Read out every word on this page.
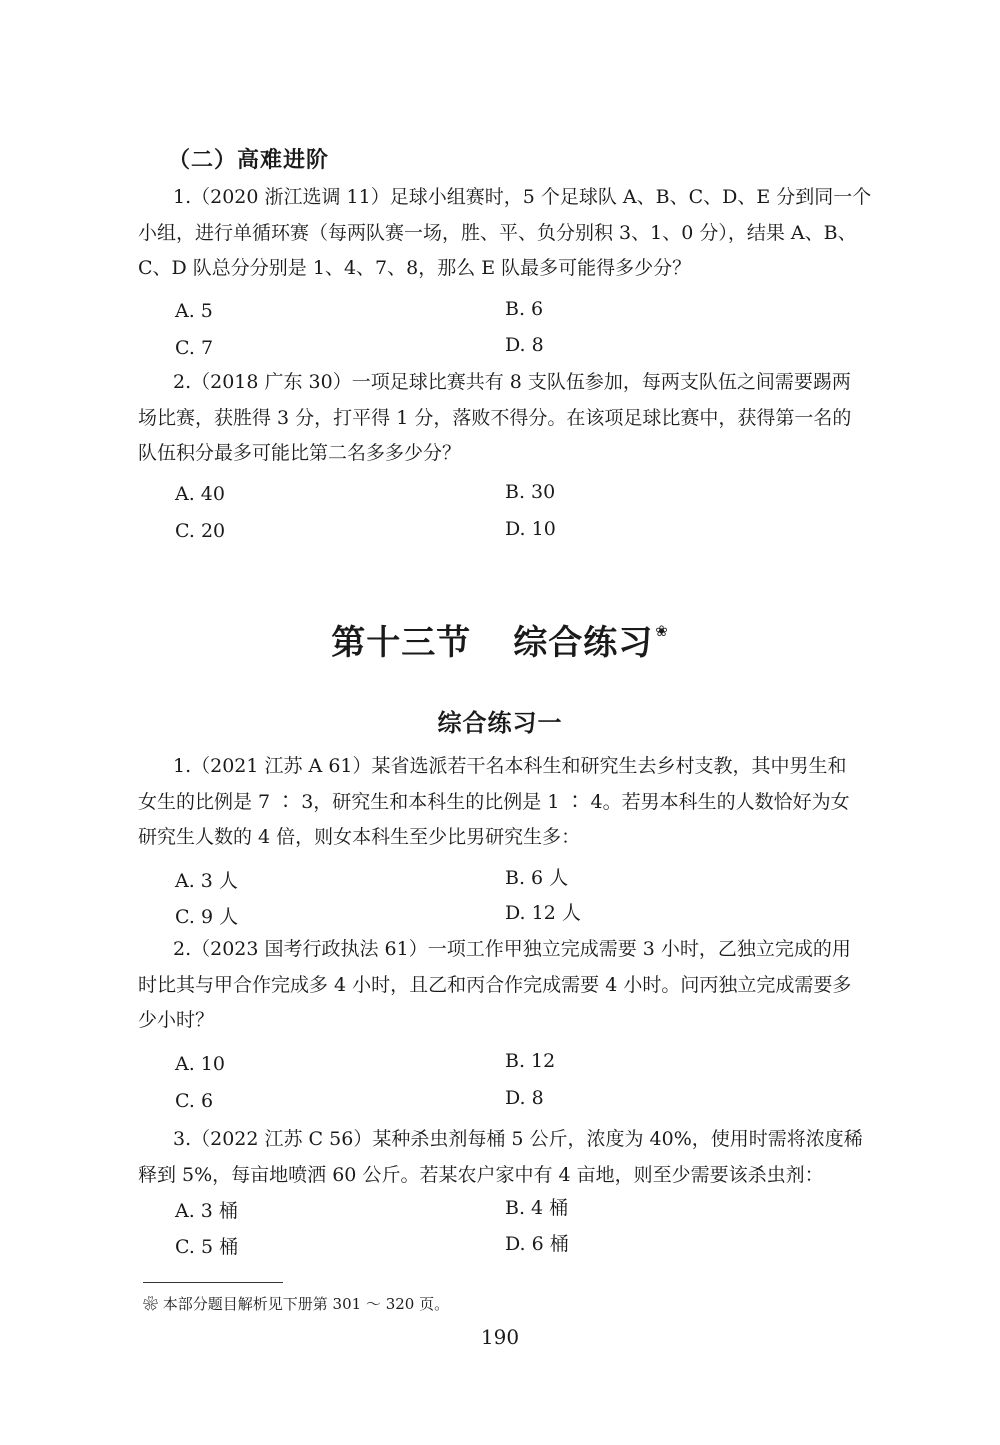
（二）高难进阶
1.（2020 浙江选调 11）足球小组赛时，5 个足球队 A、B、C、D、E 分到同一个
小组，进行单循环赛（每两队赛一场，胜、平、负分别积 3、1、0 分），结果 A、B、
C、D 队总分分别是 1、4、7、8，那么 E 队最多可能得多少分？
A. 5	B. 6
C. 7	D. 8
2.（2018 广东 30）一项足球比赛共有 8 支队伍参加，每两支队伍之间需要踢两
场比赛，获胜得 3 分，打平得 1 分，落败不得分。在该项足球比赛中，获得第一名的
队伍积分最多可能比第二名多多少分？
A. 40	B. 30
C. 20	D. 10
第十三节 综合练习 ❀
综合练习一
1.（2021 江苏 A 61）某省选派若干名本科生和研究生去乡村支教，其中男生和
女生的比例是 7 ∶ 3，研究生和本科生的比例是 1 ∶ 4。若男本科生的人数恰好为女
研究生人数的 4 倍，则女本科生至少比男研究生多：
A. 3 人	B. 6 人
C. 9 人	D. 12 人
2.（2023 国考行政执法 61）一项工作甲独立完成需要 3 小时，乙独立完成的用
时比其与甲合作完成多 4 小时，且乙和丙合作完成需要 4 小时。问丙独立完成需要多
少小时？
A. 10	B. 12
C. 6	D. 8
3.（2022 江苏 C 56）某种杀虫剂每桶 5 公斤，浓度为 40%，使用时需将浓度稀
释到 5%，每亩地喷洒 60 公斤。若某农户家中有 4 亩地，则至少需要该杀虫剂：
A. 3 桶	B. 4 桶
C. 5 桶	D. 6 桶
❀ 本部分题目解析见下册第 301 ～ 320 页。
190
